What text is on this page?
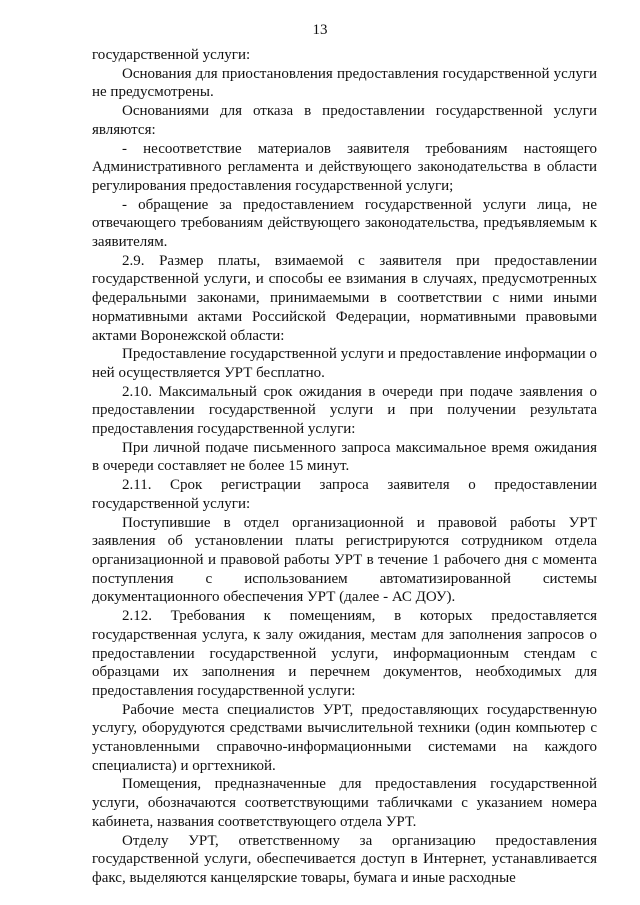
13

государственной услуги:

Основания для приостановления предоставления государственной услуги не предусмотрены.

Основаниями для отказа в предоставлении государственной услуги являются:

- несоответствие материалов заявителя требованиям настоящего Административного регламента и действующего законодательства в области регулирования предоставления государственной услуги;

- обращение за предоставлением государственной услуги лица, не отвечающего требованиям действующего законодательства, предъявляемым к заявителям.

2.9. Размер платы, взимаемой с заявителя при предоставлении государственной услуги, и способы ее взимания в случаях, предусмотренных федеральными законами, принимаемыми в соответствии с ними иными нормативными актами Российской Федерации, нормативными правовыми актами Воронежской области:

Предоставление государственной услуги и предоставление информации о ней осуществляется УРТ бесплатно.

2.10. Максимальный срок ожидания в очереди при подаче заявления о предоставлении государственной услуги и при получении результата предоставления государственной услуги:

При личной подаче письменного запроса максимальное время ожидания в очереди составляет не более 15 минут.

2.11. Срок регистрации запроса заявителя о предоставлении государственной услуги:

Поступившие в отдел организационной и правовой работы УРТ заявления об установлении платы регистрируются сотрудником отдела организационной и правовой работы УРТ в течение 1 рабочего дня с момента поступления с использованием автоматизированной системы документационного обеспечения УРТ (далее - АС ДОУ).

2.12. Требования к помещениям, в которых предоставляется государственная услуга, к залу ожидания, местам для заполнения запросов о предоставлении государственной услуги, информационным стендам с образцами их заполнения и перечнем документов, необходимых для предоставления государственной услуги:

Рабочие места специалистов УРТ, предоставляющих государственную услугу, оборудуются средствами вычислительной техники (один компьютер с установленными справочно-информационными системами на каждого специалиста) и оргтехникой.

Помещения, предназначенные для предоставления государственной услуги, обозначаются соответствующими табличками с указанием номера кабинета, названия соответствующего отдела УРТ.

Отделу УРТ, ответственному за организацию предоставления государственной услуги, обеспечивается доступ в Интернет, устанавливается факс, выделяются канцелярские товары, бумага и иные расходные
